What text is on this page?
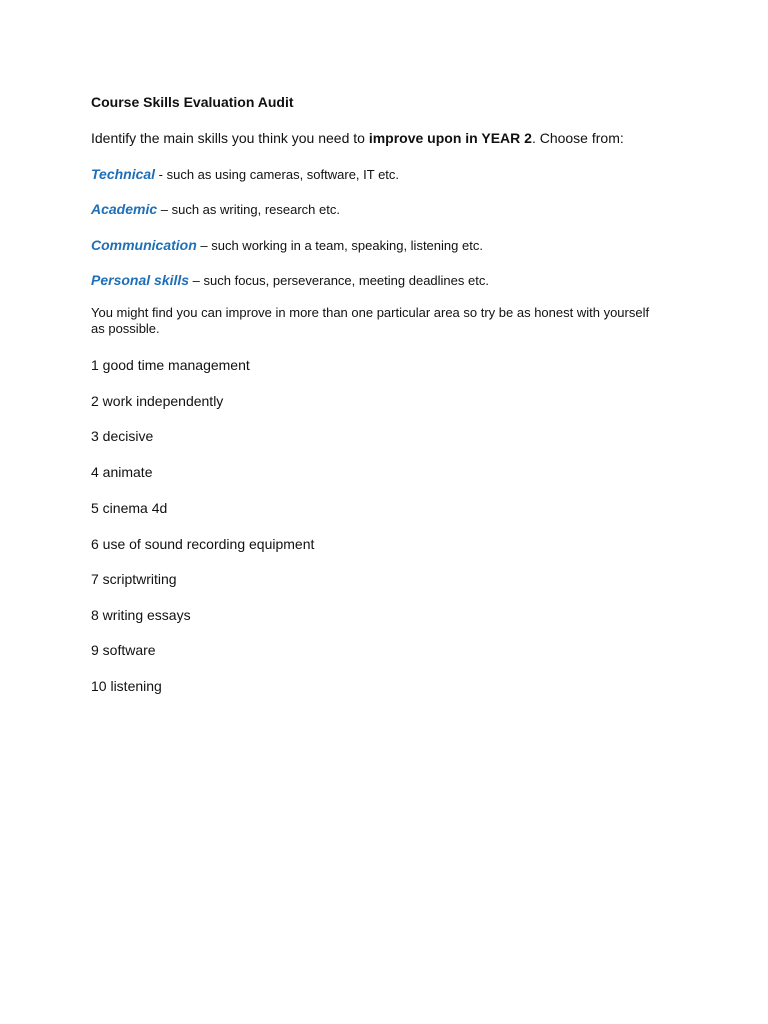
Course Skills Evaluation Audit

Identify the main skills you think you need to improve upon in YEAR 2. Choose from:

Technical - such as using cameras, software, IT etc.
Academic – such as writing, research etc.
Communication – such working in a team, speaking, listening etc.
Personal skills – such focus, perseverance, meeting deadlines etc.

You might find you can improve in more than one particular area so try be as honest with yourself as possible.

1 good time management
2 work independently
3 decisive
4 animate
5 cinema 4d
6 use of sound recording equipment
7 scriptwriting
8 writing essays
9 software
10 listening
